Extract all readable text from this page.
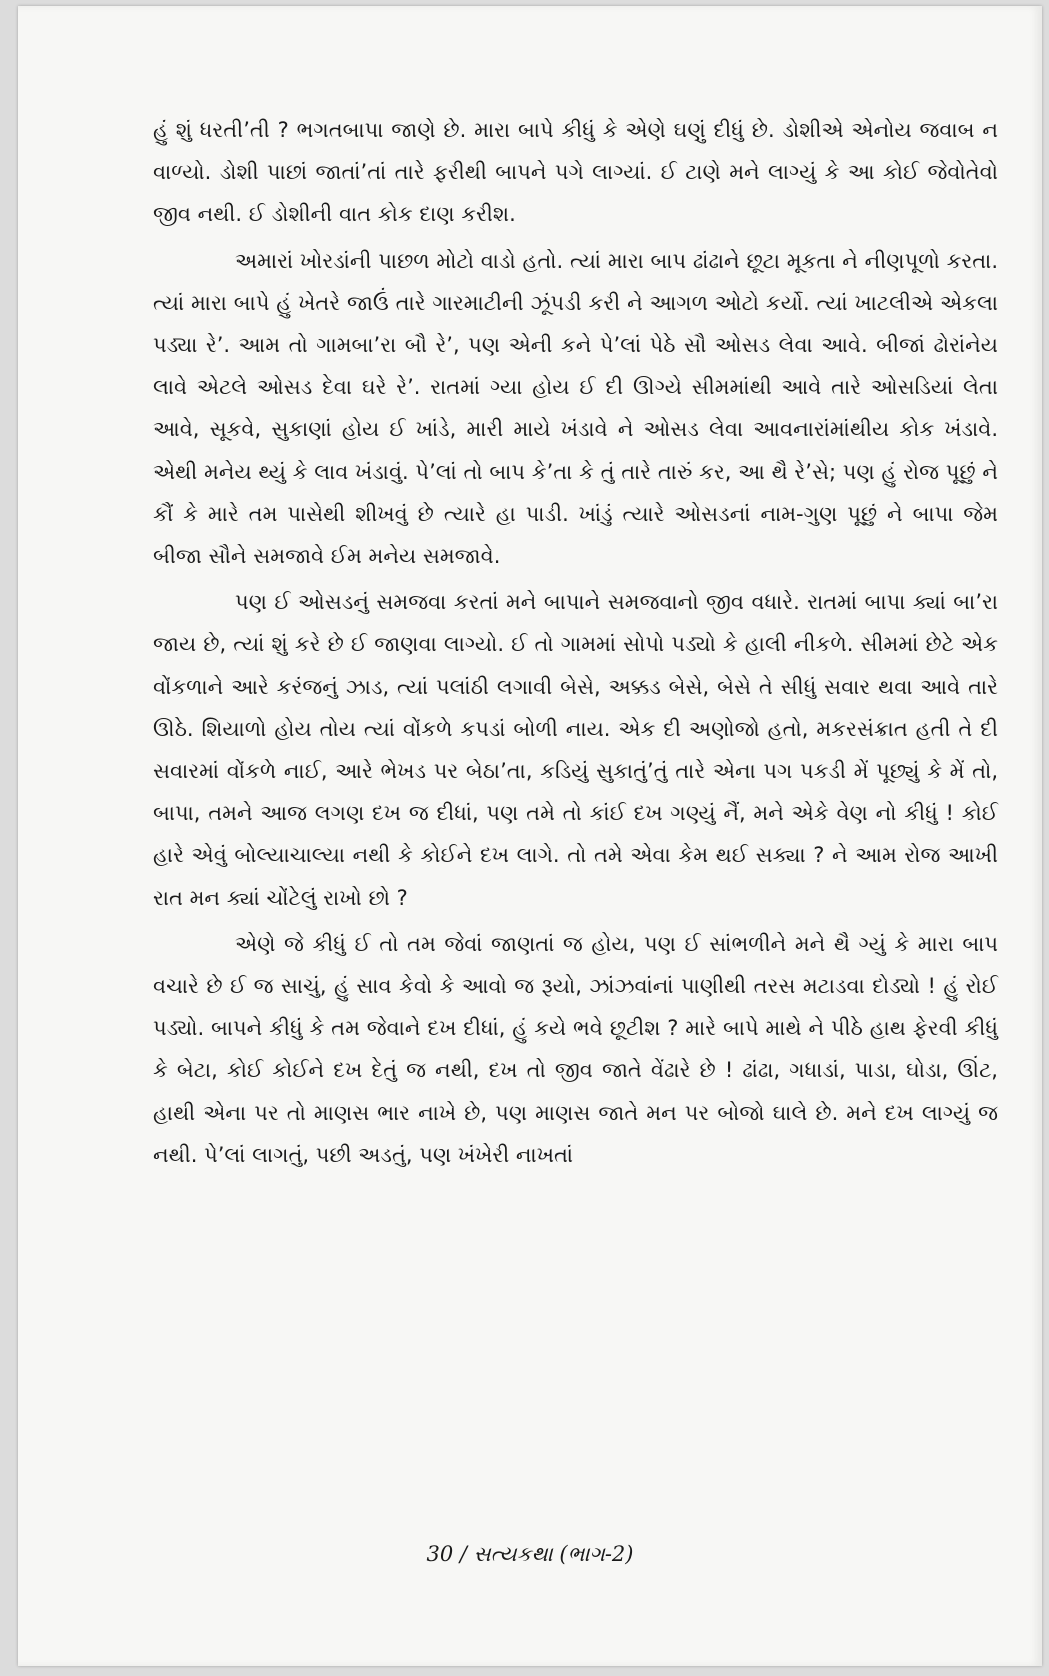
હું શું ધરતી’તી ? ભગતબાપા જાણે છે. મારા બાપે કીધું કે એણે ઘણું દીધું છે. ડોશીએ એનોય જવાબ ન વાળ્યો. ડોશી પાછાં જાતાં’તાં તારે ફરીથી બાપને પગે લાગ્યાં. ઈ ટાણે મને લાગ્યું કે આ કોઈ જેવોતેવો જીવ નથી. ઈ ડોશીની વાત કોક દાણ કરીશ.

અમારાં ખોરડાંની પાછળ મોટો વાડો હતો. ત્યાં મારા બાપ ઢાંઢાને છૂટા મૂકતા ને નીણપૂળો કરતા. ત્યાં મારા બાપે હું ખેતરે જાઉં તારે ગારમાટીની ઝૂંપડી કરી ને આગળ ઓટો કર્યો. ત્યાં ખાટલીએ એકલા પડ્યા રે’. આમ તો ગામબા’રા બૌ રે’, પણ એની કને પે’લાં પેઠે સૌ ઓસડ લેવા આવે. બીજાં ઢોરાંનેય લાવે એટલે ઓસડ દેવા ઘરે રે’. રાતમાં ગ્યા હોય ઈ દી ઊગ્યે સીમમાંથી આવે તારે ઓસડિયાં લેતા આવે, સૂકવે, સુકાણાં હોય ઈ ખાંડે, મારી માયે ખંડાવે ને ઓસડ લેવા આવનારાંમાંથીય કોક ખંડાવે. એથી મનેય થ્યું કે લાવ ખંડાવું. પે’લાં તો બાપ કે’તા કે તું તારે તારું કર, આ થૈ રે’સે; પણ હું રોજ પૂછું ને કૌં કે મારે તમ પાસેથી શીખવું છે ત્યારે હા પાડી. ખાંડું ત્યારે ઓસડનાં નામ-ગુણ પૂછું ને બાપા જેમ બીજા સૌને સમજાવે ઈમ મનેય સમજાવે.

પણ ઈ ઓસડનું સમજવા કરતાં મને બાપાને સમજવાનો જીવ વધારે. રાતમાં બાપા ક્યાં બા’રા જાય છે, ત્યાં શું કરે છે ઈ જાણવા લાગ્યો. ઈ તો ગામમાં સોપો પડ્યો કે હાલી નીકળે. સીમમાં છેટે એક વોંકળાને આરે કરંજનું ઝાડ, ત્યાં પલાંઠી લગાવી બેસે, અક્કડ બેસે, બેસે તે સીધું સવાર થવા આવે તારે ઊઠે. શિયાળો હોય તોય ત્યાં વોંકળે કપડાં બોળી નાય. એક દી અણોજો હતો, મકરસંક્રાત હતી તે દી સવારમાં વોંકળે નાઈ, આરે ભેખડ પર બેઠા’તા, કડિયું સુકાતું’તું તારે એના પગ પકડી મેં પૂછ્યું કે મેં તો, બાપા, તમને આજ લગણ દખ જ દીધાં, પણ તમે તો કાંઈ દખ ગણ્યું નૈં, મને એકે વેણ નો કીધું ! કોઈ હારે એવું બોલ્યાચાલ્યા નથી કે કોઈને દખ લાગે. તો તમે એવા કેમ થઈ સક્યા ? ને આમ રોજ આખી રાત મન ક્યાં ચોંટેલું રાખો છો ?

એણે જે કીધું ઈ તો તમ જેવાં જાણતાં જ હોય, પણ ઈ સાંભળીને મને થૈ ગ્યું કે મારા બાપ વચારે છે ઈ જ સાચું, હું સાવ કેવો કે આવો જ રૂયો, ઝાંઝવાંનાં પાણીથી તરસ મટાડવા દોડ્યો ! હું રોઈ પડ્યો. બાપને કીધું કે તમ જેવાને દખ દીધાં, હું કયે ભવે છૂટીશ ? મારે બાપે માથે ને પીઠે હાથ ફેરવી કીધું કે બેટા, કોઈ કોઈને દખ દેતું જ નથી, દખ તો જીવ જાતે વેંઢારે છે ! ઢાંઢા, ગધાડાં, પાડા, ઘોડા, ઊંટ, હાથી એના પર તો માણસ ભાર નાખે છે, પણ માણસ જાતે મન પર બોજો ઘાલે છે. મને દખ લાગ્યું જ નથી. પે’લાં લાગતું, પછી અડતું, પણ ખંખેરી નાખતાં

30 / સત્યકથા (ભાગ-2)
